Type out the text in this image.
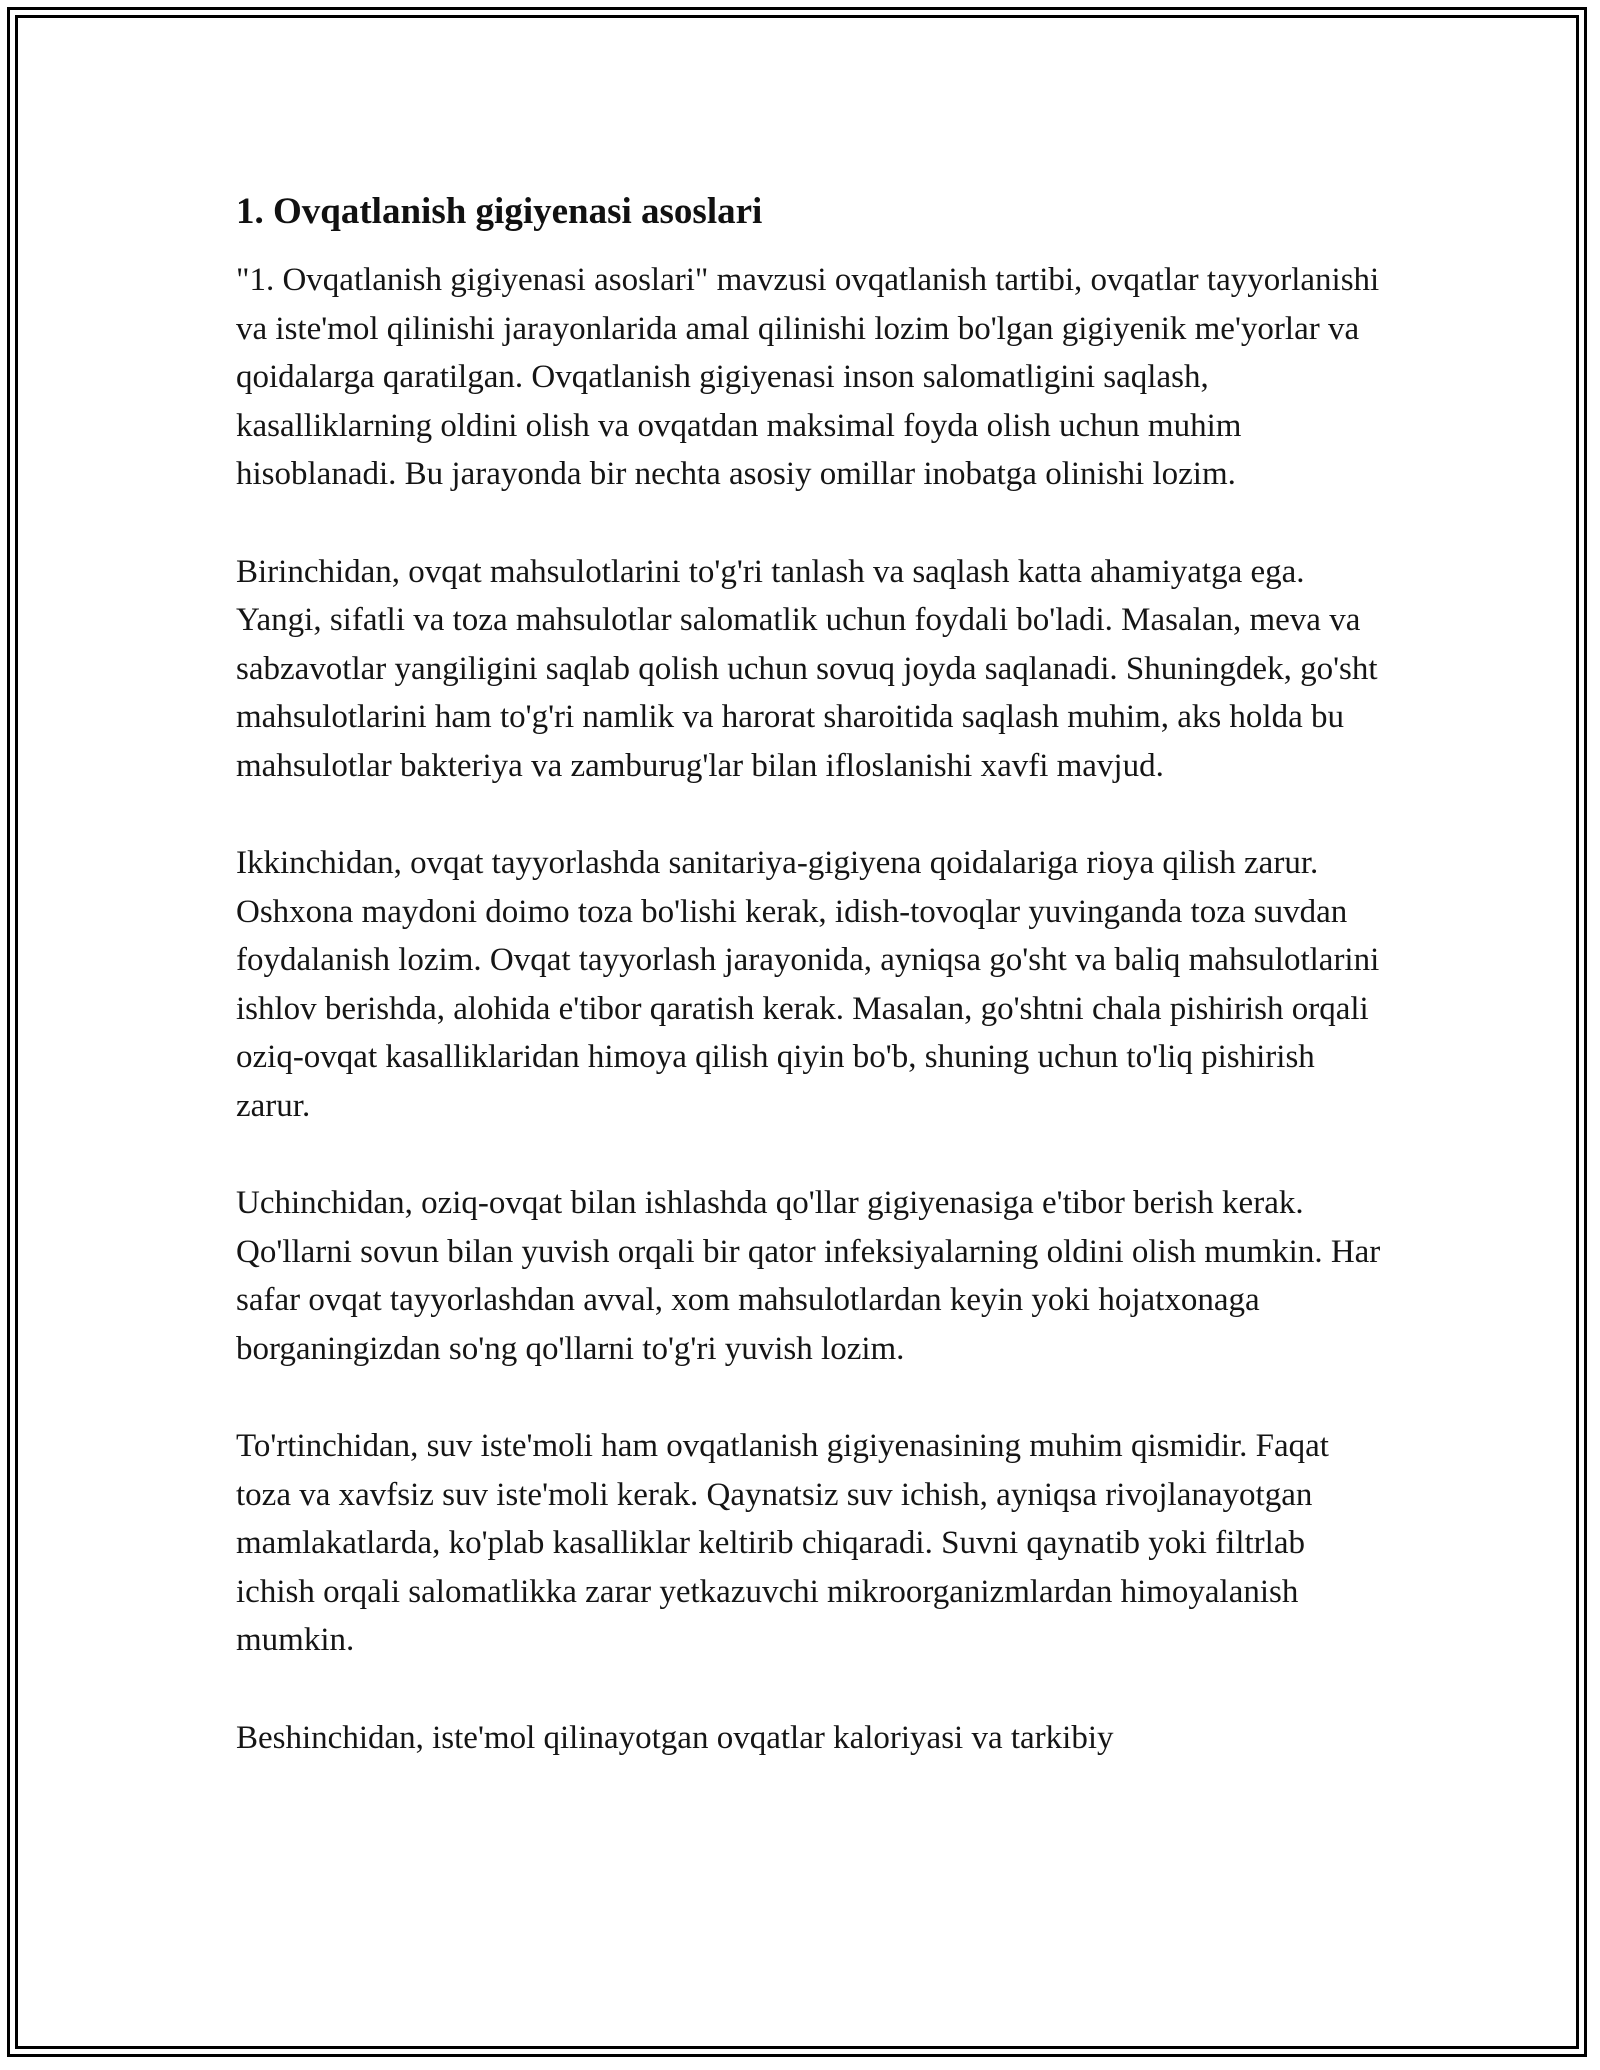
1. Ovqatlanish gigiyenasi asoslari

"1. Ovqatlanish gigiyenasi asoslari" mavzusi ovqatlanish tartibi, ovqatlar tayyorlanishi va iste'mol qilinishi jarayonlarida amal qilinishi lozim bo'lgan gigiyenik me'yorlar va qoidalarga qaratilgan. Ovqatlanish gigiyenasi inson salomatligini saqlash, kasalliklarning oldini olish va ovqatdan maksimal foyda olish uchun muhim hisoblanadi. Bu jarayonda bir nechta asosiy omillar inobatga olinishi lozim.

Birinchidan, ovqat mahsulotlarini to'g'ri tanlash va saqlash katta ahamiyatga ega. Yangi, sifatli va toza mahsulotlar salomatlik uchun foydali bo'ladi. Masalan, meva va sabzavotlar yangiligini saqlab qolish uchun sovuq joyda saqlanadi. Shuningdek, go'sht mahsulotlarini ham to'g'ri namlik va harorat sharoitida saqlash muhim, aks holda bu mahsulotlar bakteriya va zamburug'lar bilan ifloslanishi xavfi mavjud.

Ikkinchidan, ovqat tayyorlashda sanitariya-gigiyena qoidalariga rioya qilish zarur. Oshxona maydoni doimo toza bo'lishi kerak, idish-tovoqlar yuvinganda toza suvdan foydalanish lozim. Ovqat tayyorlash jarayonida, ayniqsa go'sht va baliq mahsulotlarini ishlov berishda, alohida e'tibor qaratish kerak. Masalan, go'shtni chala pishirish orqali oziq-ovqat kasalliklaridan himoya qilish qiyin bo'b, shuning uchun to'liq pishirish zarur.

Uchinchidan, oziq-ovqat bilan ishlashda qo'llar gigiyenasiga e'tibor berish kerak. Qo'llarni sovun bilan yuvish orqali bir qator infeksiyalarning oldini olish mumkin. Har safar ovqat tayyorlashdan avval, xom mahsulotlardan keyin yoki hojatxonaga borganingizdan so'ng qo'llarni to'g'ri yuvish lozim.

To'rtinchidan, suv iste'moli ham ovqatlanish gigiyenasining muhim qismidir. Faqat toza va xavfsiz suv iste'moli kerak. Qaynatsiz suv ichish, ayniqsa rivojlanayotgan mamlakatlarda, ko'plab kasalliklar keltirib chiqaradi. Suvni qaynatib yoki filtrlab ichish orqali salomatlikka zarar yetkazuvchi mikroorganizmlardan himoyalanish mumkin.

Beshinchidan, iste'mol qilinayotgan ovqatlar kaloriyasi va tarkibiy
